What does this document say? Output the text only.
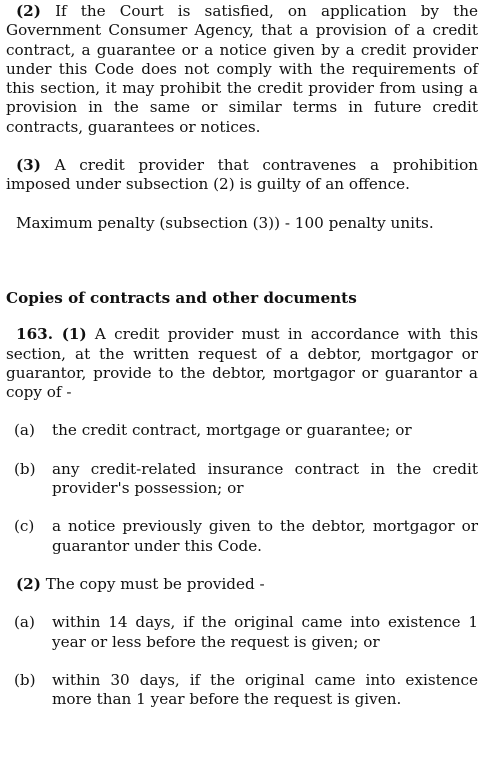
(2) If the Court is satisfied, on application by the Government Consumer Agency, that a provision of a credit contract, a guarantee or a notice given by a credit provider under this Code does not comply with the requirements of this section, it may prohibit the credit provider from using a provision in the same or similar terms in future credit contracts, guarantees or notices.

(3) A credit provider that contravenes a prohibition imposed under subsection (2) is guilty of an offence.

Maximum penalty (subsection (3)) - 100 penalty units.

Copies of contracts and other documents

163. (1) A credit provider must in accordance with this section, at the written request of a debtor, mortgagor or guarantor, provide to the debtor, mortgagor or guarantor a copy of -

(a)	the credit contract, mortgage or guarantee; or
(b)	any credit-related insurance contract in the credit provider's possession; or
(c)	a notice previously given to the debtor, mortgagor or guarantor under this Code.

(2) The copy must be provided -

(a)	within 14 days, if the original came into existence 1 year or less before the request is given; or
(b)	within 30 days, if the original came into existence more than 1 year before the request is given.
